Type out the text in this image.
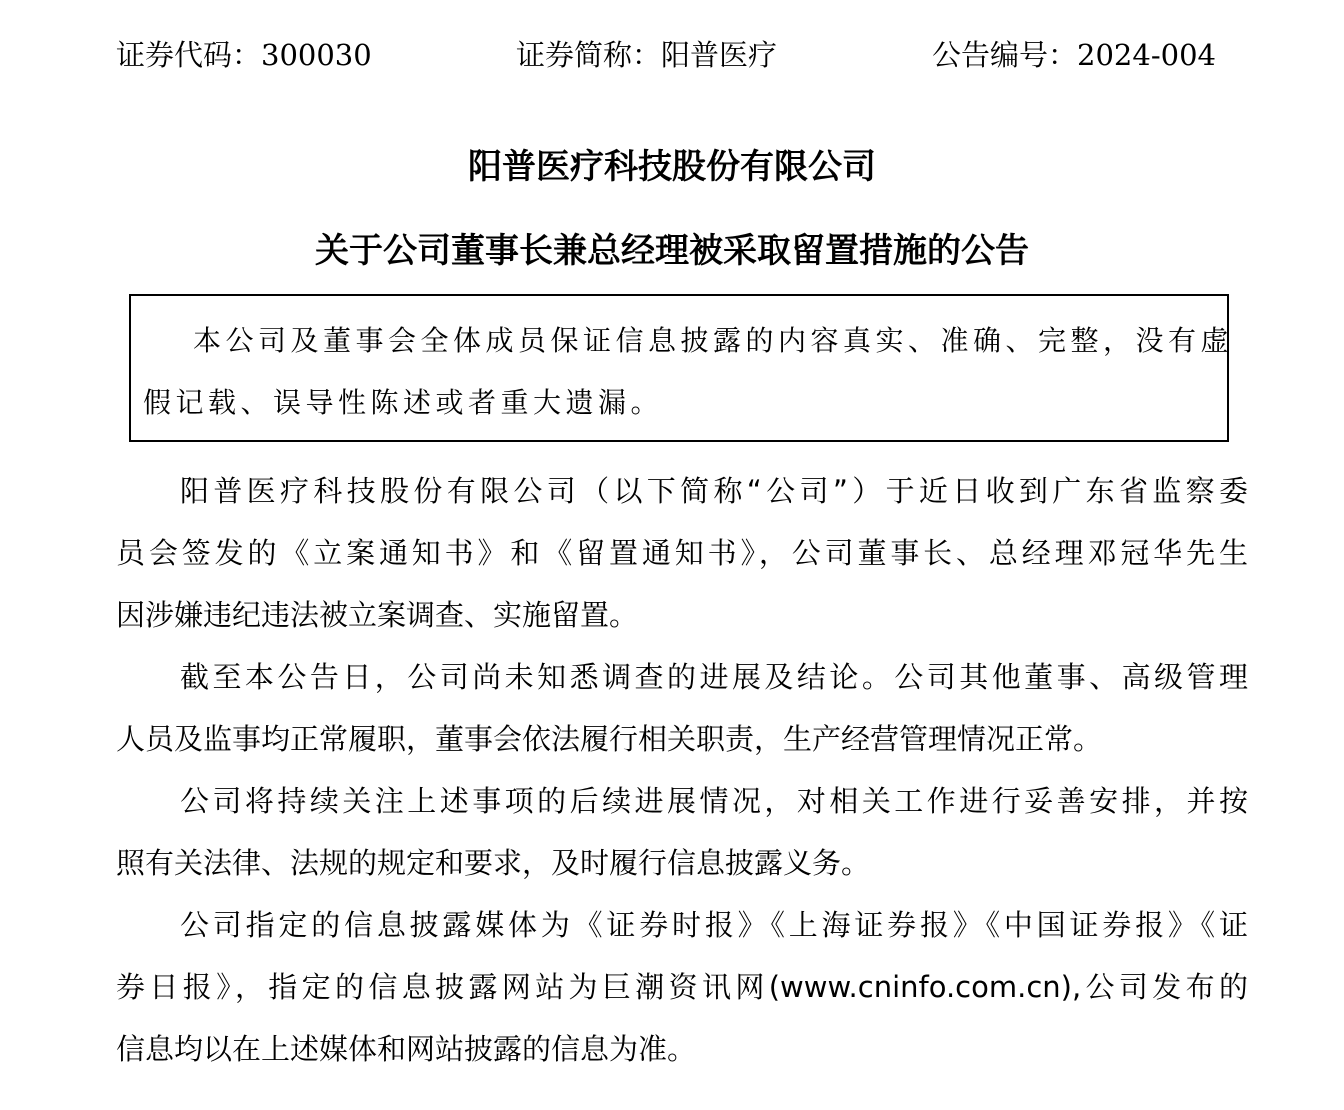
证券代码：300030	证券简称：阳普医疗	公告编号：2024-004
阳普医疗科技股份有限公司
关于公司董事长兼总经理被采取留置措施的公告

本公司及董事会全体成员保证信息披露的内容真实、准确、完整，没有虚

假记载、误导性陈述或者重大遗漏。

阳普医疗科技股份有限公司（以下简称“公司”）于近日收到广东省监察委
员会签发的《立案通知书》和《留置通知书》，公司董事长、总经理邓冠华先生
因涉嫌违纪违法被立案调查、实施留置。
截至本公告日，公司尚未知悉调查的进展及结论。公司其他董事、高级管理
人员及监事均正常履职，董事会依法履行相关职责，生产经营管理情况正常。
公司将持续关注上述事项的后续进展情况，对相关工作进行妥善安排，并按
照有关法律、法规的规定和要求，及时履行信息披露义务。
公司指定的信息披露媒体为《证券时报》《上海证券报》《中国证券报》《证
券日报》，指定的信息披露网站为巨潮资讯网(www.cninfo.com.cn),公司发布的
信息均以在上述媒体和网站披露的信息为准。
